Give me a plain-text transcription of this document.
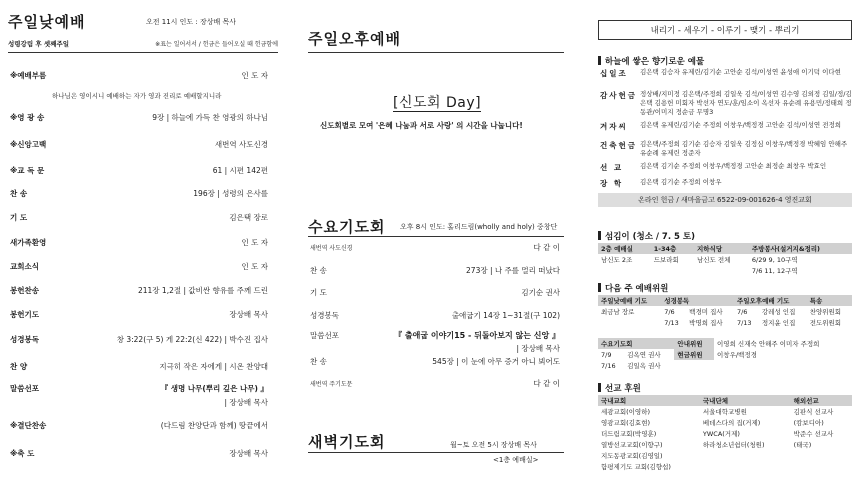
주일낮예배	오전 11시 인도 : 장상배 목사
성령강림 후 셋째주일	※표는 일어서서 / 헌금은 들어오실 때 헌금함에
※예배부름	인 도 자
하나님은 영이시니 예배하는 자가 영과 진리로 예배할지니라
※영 광 송	9장 | 하늘에 가득 찬 영광의 하나님
※신앙고백	새번역 사도신경
※교 독 문	61 | 시편 142편
찬 송	196장 | 성령의 은사를
기 도	김은택 장로
새가족환영	인 도 자
교회소식	인 도 자
봉헌찬송	211장 1,2절 | 값비싼 향유를 주께 드린
봉헌기도	장상배 목사
성경봉독	창 3:22(구 5) 게 22:2(신 422) | 박수진 집사
찬 양	지극히 작은 자에게 | 시온 찬양대
말씀선포	『 생명 나무(뿌리 깊은 나무) 』
| 장상배 목사
※결단찬송	(다드림 찬양단과 함께) 땅끝에서
※축 도	장상배 목사
주일오후예배
[신도회 Day]
신도회별로 모여 '은혜 나눔과 서로 사랑' 의 시간을 나눕니다!
수요기도회 오후 8시 인도: 홀리드림(wholly and holy) 중창단
새번역 사도신경	다 같 이
찬 송	273장 | 나 주를 멀리 떠났다
기 도	김기순 권사
성경봉독	출애굽기 14장 1~31절(구 102)
말씀선포	『 출애굽 이야기15 - 뒤돌아보지 않는 신앙 』
| 장상배 목사
찬 송	545장 | 이 눈에 아무 증거 아니 뵈어도
새번역 주기도문	다 같 이
새벽기도회	월~토 오전 5시 장상배 목사
<1층 예배실>
내리기 - 세우기 - 이루기 - 맺기 - 뿌리기
하늘에 쌓은 향기로운 예물
십일조	김은택 김승자 유제린/김기순 고안순 김석/이성연 윤성애 이기덕 이다현
감사헌금 정상배/지미정 김은택/주정희 김일욱 김석/이성연 김수영 김외정 김일/정/김은택 김용헌 미회자 박선자 연도/훈/임소이 옥선자 유순례 유용민/정태희 정동관/이미지 정순금 무명3
겨자씨	김은택 유제린/김기순 주정희 이창우/백정경 고안순 김석/이성연 전정희
건축헌금 김은택/주정희 김기순 김승자 김일욱 김정심 이창우/백정경 박혜임 안해주 유순례 유제린 정준자
선 교	김은택 김기순 주정희 이창우/백정경 고안순 최정순 최창우 박효인
장 학	김은택 김기순 주정희 이창우
온라인 헌금 / 새마을금고 6522-09-001626-4 영진교회
섬김이 (청소 / 7. 5 토)
2층 예배실	1-34층	지하식당	주방봉사(설거지&정리)
남신도 2조	드보라회	남신도 전체	6/29 9, 10구역
			7/6 11, 12구역
다음 주 예배위원
주일낮예배 기도	성경봉독		주일오후예배 기도		특송
최금남 장로	7/6	백경미 집사	7/6	강레성 인집	찬양위원회
	7/13	박명희 집사	7/13	정지윤 인집	전도위원회
수요기도회		안내위원	이영희 신재숙 안해주 이미자 주정희
7/9	김옥연 권사	현금위원	이창우/백정경
7/16	김일옥 권사		
선교 후원
국내교회	국내단체	해외선교
세광교회(이영하)	서울대학교병원	김판식 선교사
영광교회(김효현)	베데스다의 집(거제)	(캄보디아)
더드림교회(박영훈)	YWCA(거제)	박준수 선교사
열방선교교회(이향구)	하라청소년쉼터(청원)	(태국)
지도동광교회(김영일)		
함평제기도 교회(김향섭)		
